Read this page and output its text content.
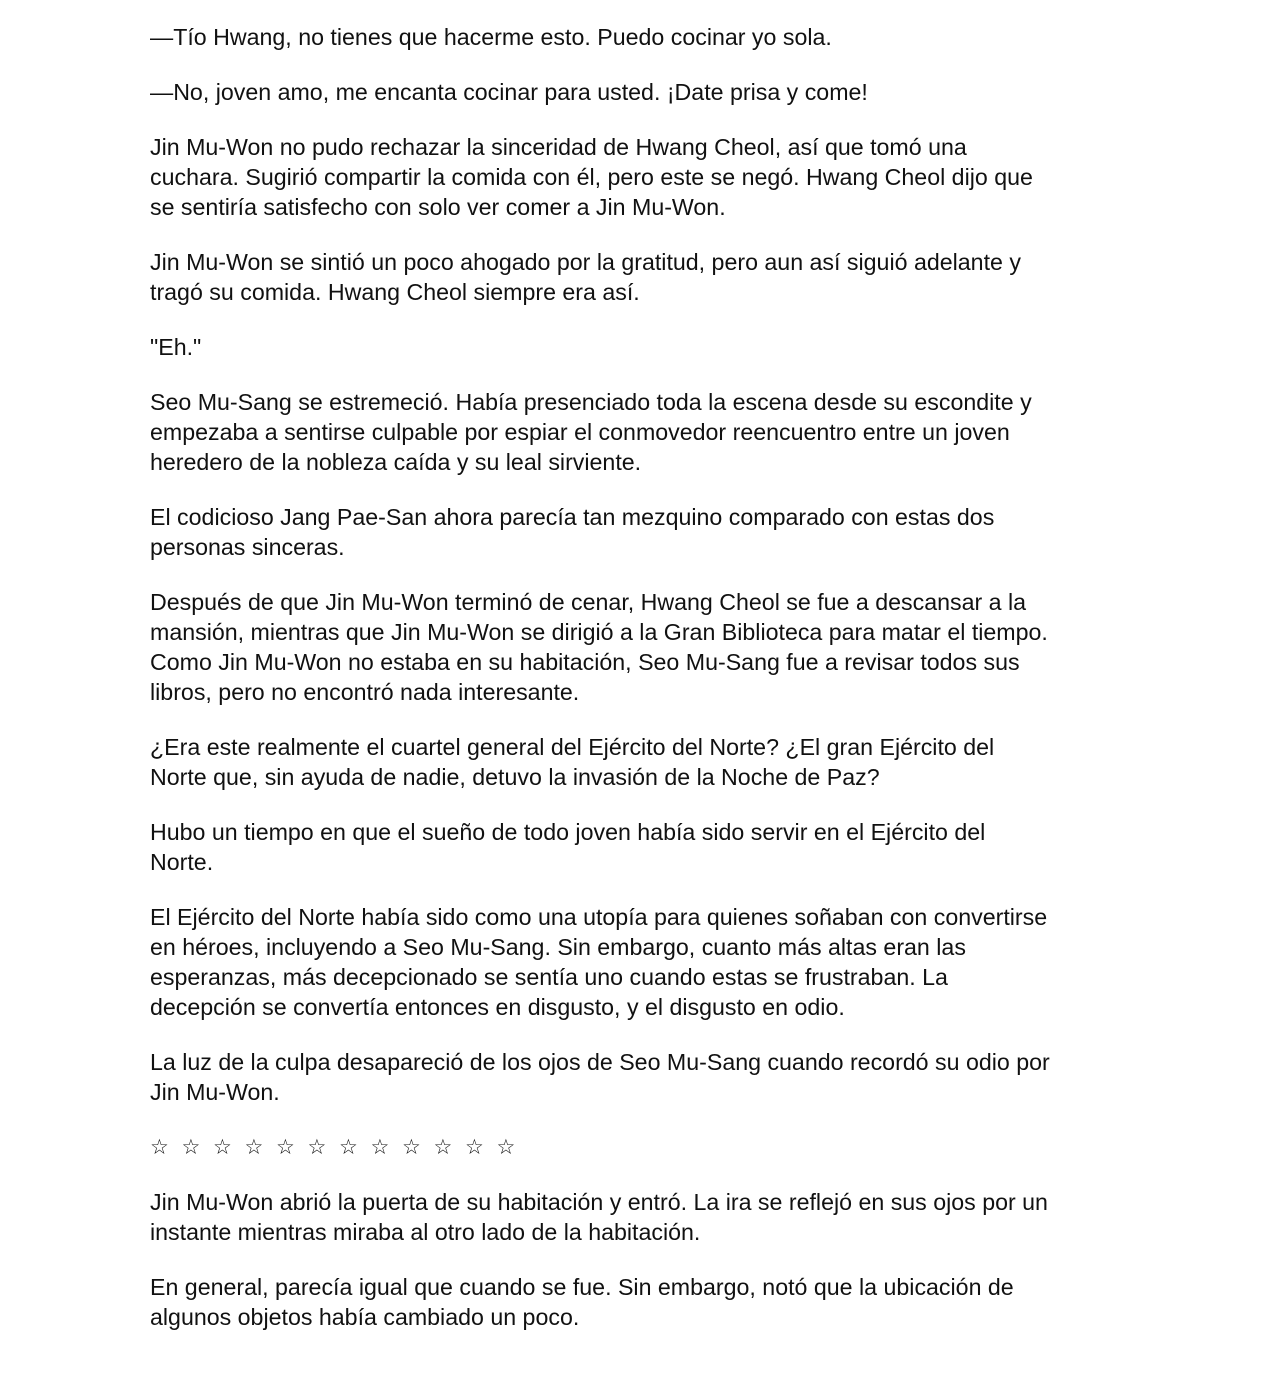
—Tío Hwang, no tienes que hacerme esto. Puedo cocinar yo sola.

—No, joven amo, me encanta cocinar para usted. ¡Date prisa y come!

Jin Mu-Won no pudo rechazar la sinceridad de Hwang Cheol, así que tomó una
cuchara. Sugirió compartir la comida con él, pero este se negó. Hwang Cheol dijo que
se sentiría satisfecho con solo ver comer a Jin Mu-Won.

Jin Mu-Won se sintió un poco ahogado por la gratitud, pero aun así siguió adelante y
tragó su comida. Hwang Cheol siempre era así.

"Eh."

Seo Mu-Sang se estremeció. Había presenciado toda la escena desde su escondite y
empezaba a sentirse culpable por espiar el conmovedor reencuentro entre un joven
heredero de la nobleza caída y su leal sirviente.

El codicioso Jang Pae-San ahora parecía tan mezquino comparado con estas dos
personas sinceras.

Después de que Jin Mu-Won terminó de cenar, Hwang Cheol se fue a descansar a la
mansión, mientras que Jin Mu-Won se dirigió a la Gran Biblioteca para matar el tiempo.
Como Jin Mu-Won no estaba en su habitación, Seo Mu-Sang fue a revisar todos sus
libros, pero no encontró nada interesante.

¿Era este realmente el cuartel general del Ejército del Norte? ¿El gran Ejército del
Norte que, sin ayuda de nadie, detuvo la invasión de la Noche de Paz?

Hubo un tiempo en que el sueño de todo joven había sido servir en el Ejército del
Norte.

El Ejército del Norte había sido como una utopía para quienes soñaban con convertirse
en héroes, incluyendo a Seo Mu-Sang. Sin embargo, cuanto más altas eran las
esperanzas, más decepcionado se sentía uno cuando estas se frustraban. La
decepción se convertía entonces en disgusto, y el disgusto en odio.

La luz de la culpa desapareció de los ojos de Seo Mu-Sang cuando recordó su odio por
Jin Mu-Won.

☆ ☆ ☆ ☆ ☆ ☆ ☆ ☆ ☆ ☆ ☆ ☆

Jin Mu-Won abrió la puerta de su habitación y entró. La ira se reflejó en sus ojos por un
instante mientras miraba al otro lado de la habitación.

En general, parecía igual que cuando se fue. Sin embargo, notó que la ubicación de
algunos objetos había cambiado un poco.
